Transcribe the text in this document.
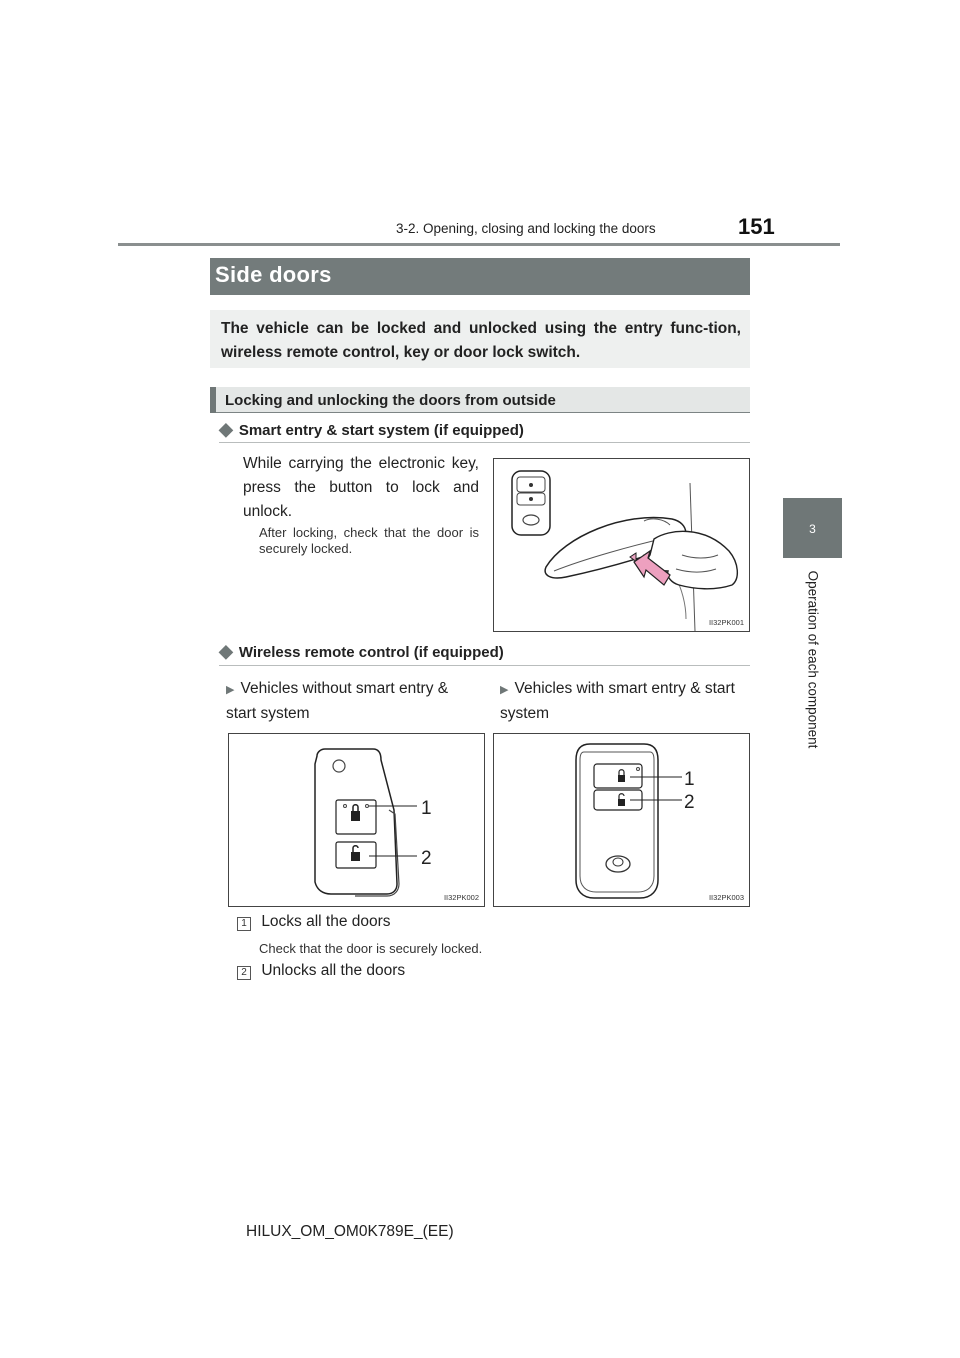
3-2. Opening, closing and locking the doors	151
3
Operation of each component
Side doors
The vehicle can be locked and unlocked using the entry func-tion, wireless remote control, key or door lock switch.
Locking and unlocking the doors from outside
◆ Smart entry & start system (if equipped)
While carrying the electronic key, press the button to lock and unlock.
After locking, check that the door is securely locked.
II32PK001
◆ Wireless remote control (if equipped)
▶ Vehicles without smart entry & start system
▶ Vehicles with smart entry & start system
1
2
II32PK002
1
2
II32PK003
1 Locks all the doors
Check that the door is securely locked.
2 Unlocks all the doors
HILUX_OM_OM0K789E_(EE)
